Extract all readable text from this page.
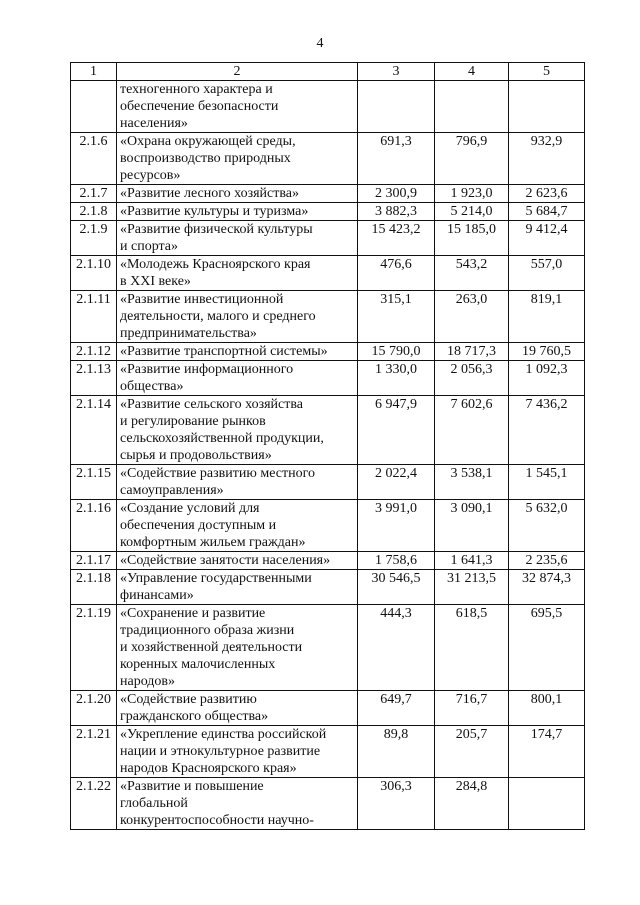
4
1	2	3	4	5

	техногенного характера и
обеспечение безопасности
населения»			

2.1.6	«Охрана окружающей среды,
воспроизводство природных
ресурсов»	691,3	796,9	932,9
2.1.7	«Развитие лесного хозяйства»	2 300,9	1 923,0	2 623,6
2.1.8	«Развитие культуры и туризма»	3 882,3	5 214,0	5 684,7
2.1.9	«Развитие физической культуры
и спорта»	15 423,2	15 185,0	9 412,4
2.1.10	«Молодежь Красноярского края
в XXI веке»	476,6	543,2	557,0
2.1.11	«Развитие инвестиционной
деятельности, малого и среднего
предпринимательства»	315,1	263,0	819,1
2.1.12	«Развитие транспортной системы»	15 790,0	18 717,3	19 760,5
2.1.13	«Развитие информационного
общества»	1 330,0	2 056,3	1 092,3
2.1.14	«Развитие сельского хозяйства
и регулирование рынков
сельскохозяйственной продукции,
сырья и продовольствия»	6 947,9	7 602,6	7 436,2
2.1.15	«Содействие развитию местного
самоуправления»	2 022,4	3 538,1	1 545,1
2.1.16	«Создание условий для
обеспечения доступным и
комфортным жильем граждан»	3 991,0	3 090,1	5 632,0
2.1.17	«Содействие занятости населения»	1 758,6	1 641,3	2 235,6
2.1.18	«Управление государственными
финансами»	30 546,5	31 213,5	32 874,3
2.1.19	«Сохранение и развитие
традиционного образа жизни
и хозяйственной деятельности
коренных малочисленных
народов»	444,3	618,5	695,5
2.1.20	«Содействие развитию
гражданского общества»	649,7	716,7	800,1
2.1.21	«Укрепление единства российской
нации и этнокультурное развитие
народов Красноярского края»	89,8	205,7	174,7
2.1.22	«Развитие и повышение
глобальной
конкурентоспособности научно-	306,3	284,8	
